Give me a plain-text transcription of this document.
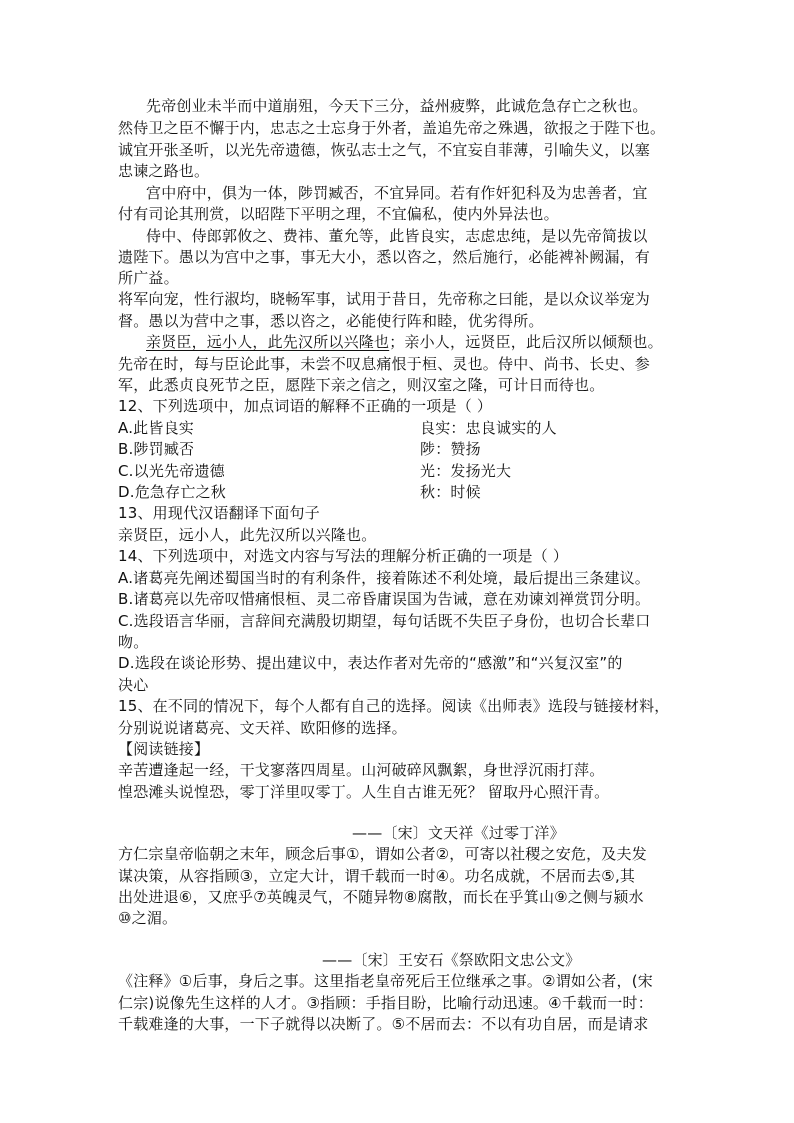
先帝创业未半而中道崩殂，今天下三分，益州疲弊，此诚危急存亡之秋也。
然侍卫之臣不懈于内，忠志之士忘身于外者，盖追先帝之殊遇，欲报之于陛下也。
诚宜开张圣听，以光先帝遗德，恢弘志士之气，不宜妄自菲薄，引喻失义，以塞
忠谏之路也。
宫中府中，俱为一体，陟罚臧否，不宜异同。若有作奸犯科及为忠善者，宜
付有司论其刑赏，以昭陛下平明之理，不宜偏私，使内外异法也。
侍中、侍郎郭攸之、费祎、董允等，此皆良实，志虑忠纯，是以先帝简拔以
遗陛下。愚以为宫中之事，事无大小，悉以咨之，然后施行，必能裨补阙漏，有
所广益。
将军向宠，性行淑均，晓畅军事，试用于昔日，先帝称之曰能，是以众议举宠为
督。愚以为营中之事，悉以咨之，必能使行阵和睦，优劣得所。
亲贤臣，远小人，此先汉所以兴隆也；亲小人，远贤臣，此后汉所以倾颓也。
先帝在时，每与臣论此事，未尝不叹息痛恨于桓、灵也。侍中、尚书、长史、参
军，此悉贞良死节之臣，愿陛下亲之信之，则汉室之隆，可计日而待也。
12、下列选项中，加点词语的解释不正确的一项是（ ）
A.此皆良实	良实：忠良诚实的人
B.陟罚臧否	陟：赞扬
C.以光先帝遗德	光：发扬光大
D.危急存亡之秋	秋：时候
13、用现代汉语翻译下面句子
亲贤臣，远小人，此先汉所以兴隆也。
14、下列选项中，对选文内容与写法的理解分析正确的一项是（ ）
A.诸葛亮先阐述蜀国当时的有利条件，接着陈述不利处境，最后提出三条建议。
B.诸葛亮以先帝叹惜痛恨桓、灵二帝昏庸误国为告诫，意在劝谏刘禅赏罚分明。
C.选段语言华丽，言辞间充满殷切期望，每句话既不失臣子身份，也切合长辈口
吻。
D.选段在谈论形势、提出建议中，表达作者对先帝的“感激”和“兴复汉室”的
决心
15、在不同的情况下，每个人都有自己的选择。阅读《出师表》选段与链接材料，
分别说说诸葛亮、文天祥、欧阳修的选择。
【阅读链接】
辛苦遭逢起一经，干戈寥落四周星。山河破碎风飘絮，身世浮沉雨打萍。
惶恐滩头说惶恐，零丁洋里叹零丁。人生自古谁无死？ 留取丹心照汗青。
——〔宋〕文天祥《过零丁洋》
方仁宗皇帝临朝之末年，顾念后事①，谓如公者②，可寄以社稷之安危，及夫发
谋决策，从容指顾③，立定大计，谓千载而一时④。功名成就，不居而去⑤,其
出处进退⑥，又庶乎⑦英魄灵气，不随异物⑧腐散，而长在乎箕山⑨之侧与颍水
⑩之湄。
——〔宋〕王安石《祭欧阳文忠公文》
《注释》①后事，身后之事。这里指老皇帝死后王位继承之事。②谓如公者，(宋
仁宗)说像先生这样的人才。③指顾：手指目盼，比喻行动迅速。④千载而一时：
千载难逢的大事，一下子就得以决断了。⑤不居而去：不以有功自居，而是请求
